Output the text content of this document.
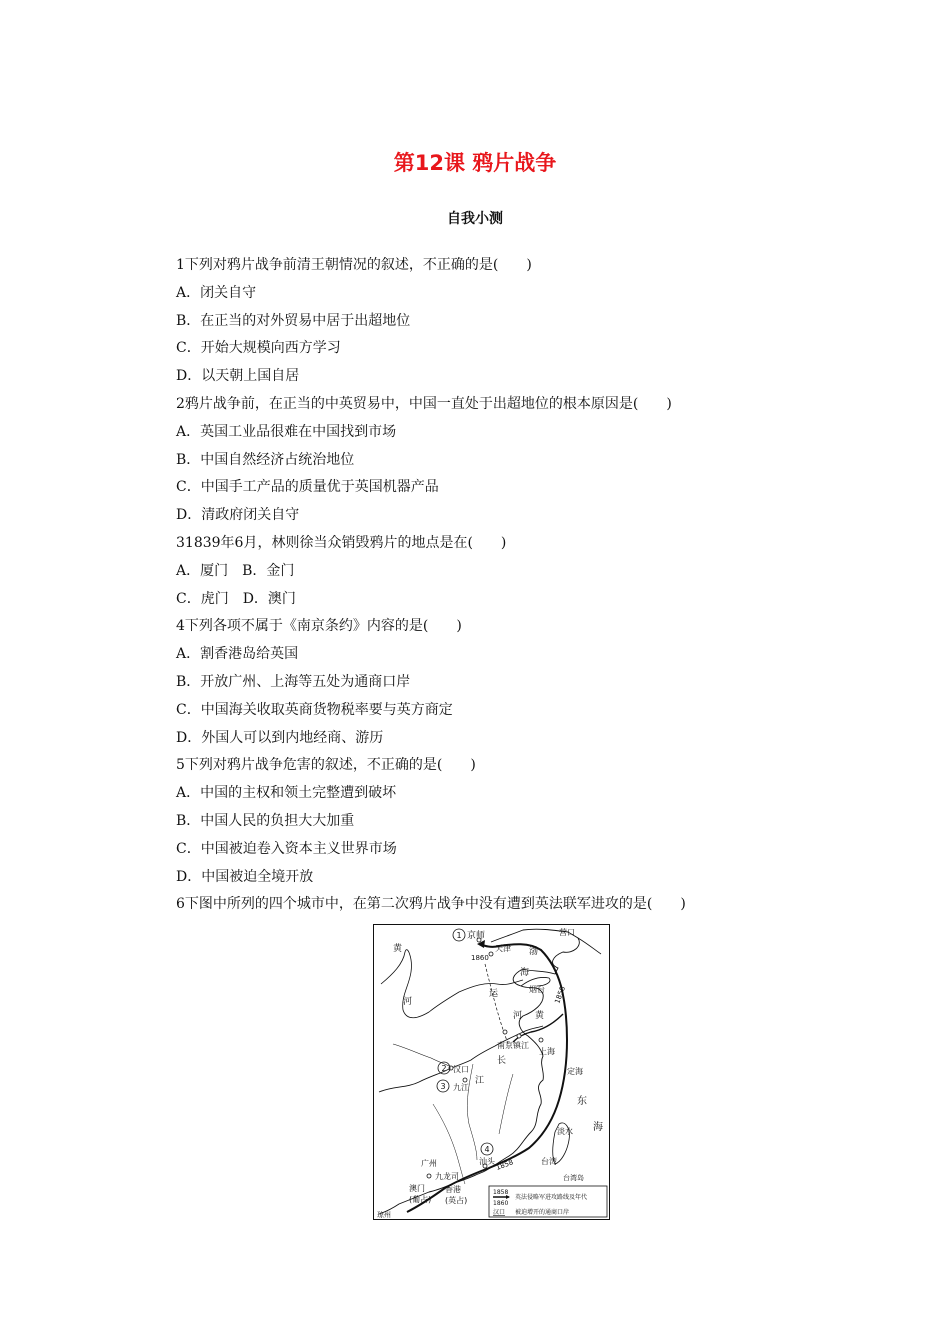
第12课 鸦片战争
自我小测
1下列对鸦片战争前清王朝情况的叙述，不正确的是(　　)
A．闭关自守
B．在正当的对外贸易中居于出超地位
C．开始大规模向西方学习
D．以天朝上国自居
2鸦片战争前，在正当的中英贸易中，中国一直处于出超地位的根本原因是(　　)
A．英国工业品很难在中国找到市场
B．中国自然经济占统治地位
C．中国手工产品的质量优于英国机器产品
D．清政府闭关自守
31839年6月，林则徐当众销毁鸦片的地点是在(　　)
A．厦门　B．金门
C．虎门　D．澳门
4下列各项不属于《南京条约》内容的是(　　)
A．割香港岛给英国
B．开放广州、上海等五处为通商口岸
C．中国海关收取英商货物税率要与英方商定
D．外国人可以到内地经商、游历
5下列对鸦片战争危害的叙述，不正确的是(　　)
A．中国的主权和领土完整遭到破坏
B．中国人民的负担大大加重
C．中国被迫卷入资本主义世界市场
D．中国被迫全境开放
6下图中所列的四个城市中，在第二次鸦片战争中没有遭到英法联军进攻的是(　　)
1
2
3
4
京师
天津
营口
渤
海
烟台
黄
黄
河
运
河
南京 镇江
长
汉口
江
九江
上海
定海
东
海
淡水
台湾
台湾岛
汕头
广州
九龙司
澳门
(葡占)
香港
(英占)
琼州
1860
1858
1858
1858
1860
英法侵略军进攻路线及年代
汉口 被迫增开的通商口岸
